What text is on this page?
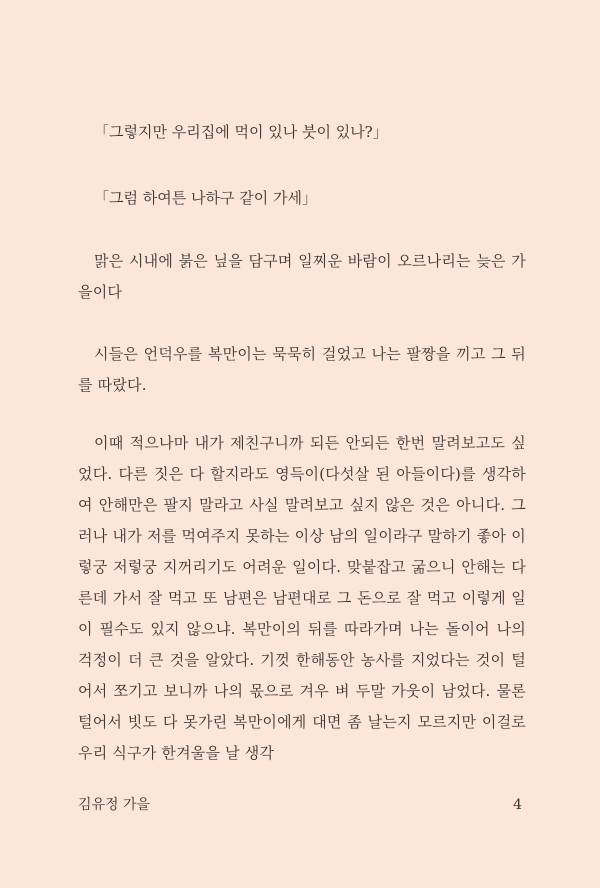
「그렇지만 우리집에 먹이 있나 붓이 있나?」

「그럼 하여튼 나하구 같이 가세」

맑은 시내에 붉은 닢을 담구며 일찌운 바람이 오르나리는 늦은 가을이다

시들은 언덕우를 복만이는 묵묵히 걸었고 나는 팔짱을 끼고 그 뒤를 따랐다.

이때 적으나마 내가 제친구니까 되든 안되든 한번 말려보고도 싶었다. 다른 짓은 다 할지라도 영득이(다섯살 된 아들이다)를 생각하여 안해만은 팔지 말라고 사실 말려보고 싶지 않은 것은 아니다. 그러나 내가 저를 먹여주지 못하는 이상 남의 일이라구 말하기 좋아 이렇궁 저렇궁 지꺼리기도 어려운 일이다. 맞붙잡고 굶으니 안해는 다른데 가서 잘 먹고 또 남편은 남편대로 그 돈으로 잘 먹고 이렇게 일이 필수도 있지 않으냐. 복만이의 뒤를 따라가며 나는 돌이어 나의 걱정이 더 큰 것을 알았다. 기껏 한해동안 농사를 지었다는 것이 털어서 쪼기고 보니까 나의 몫으로 겨우 벼 두말 가웃이 남었다. 물론 털어서 빗도 다 못가린 복만이에게 대면 좀 날는지 모르지만 이걸로 우리 식구가 한겨울을 날 생각

김유정 가을	4
